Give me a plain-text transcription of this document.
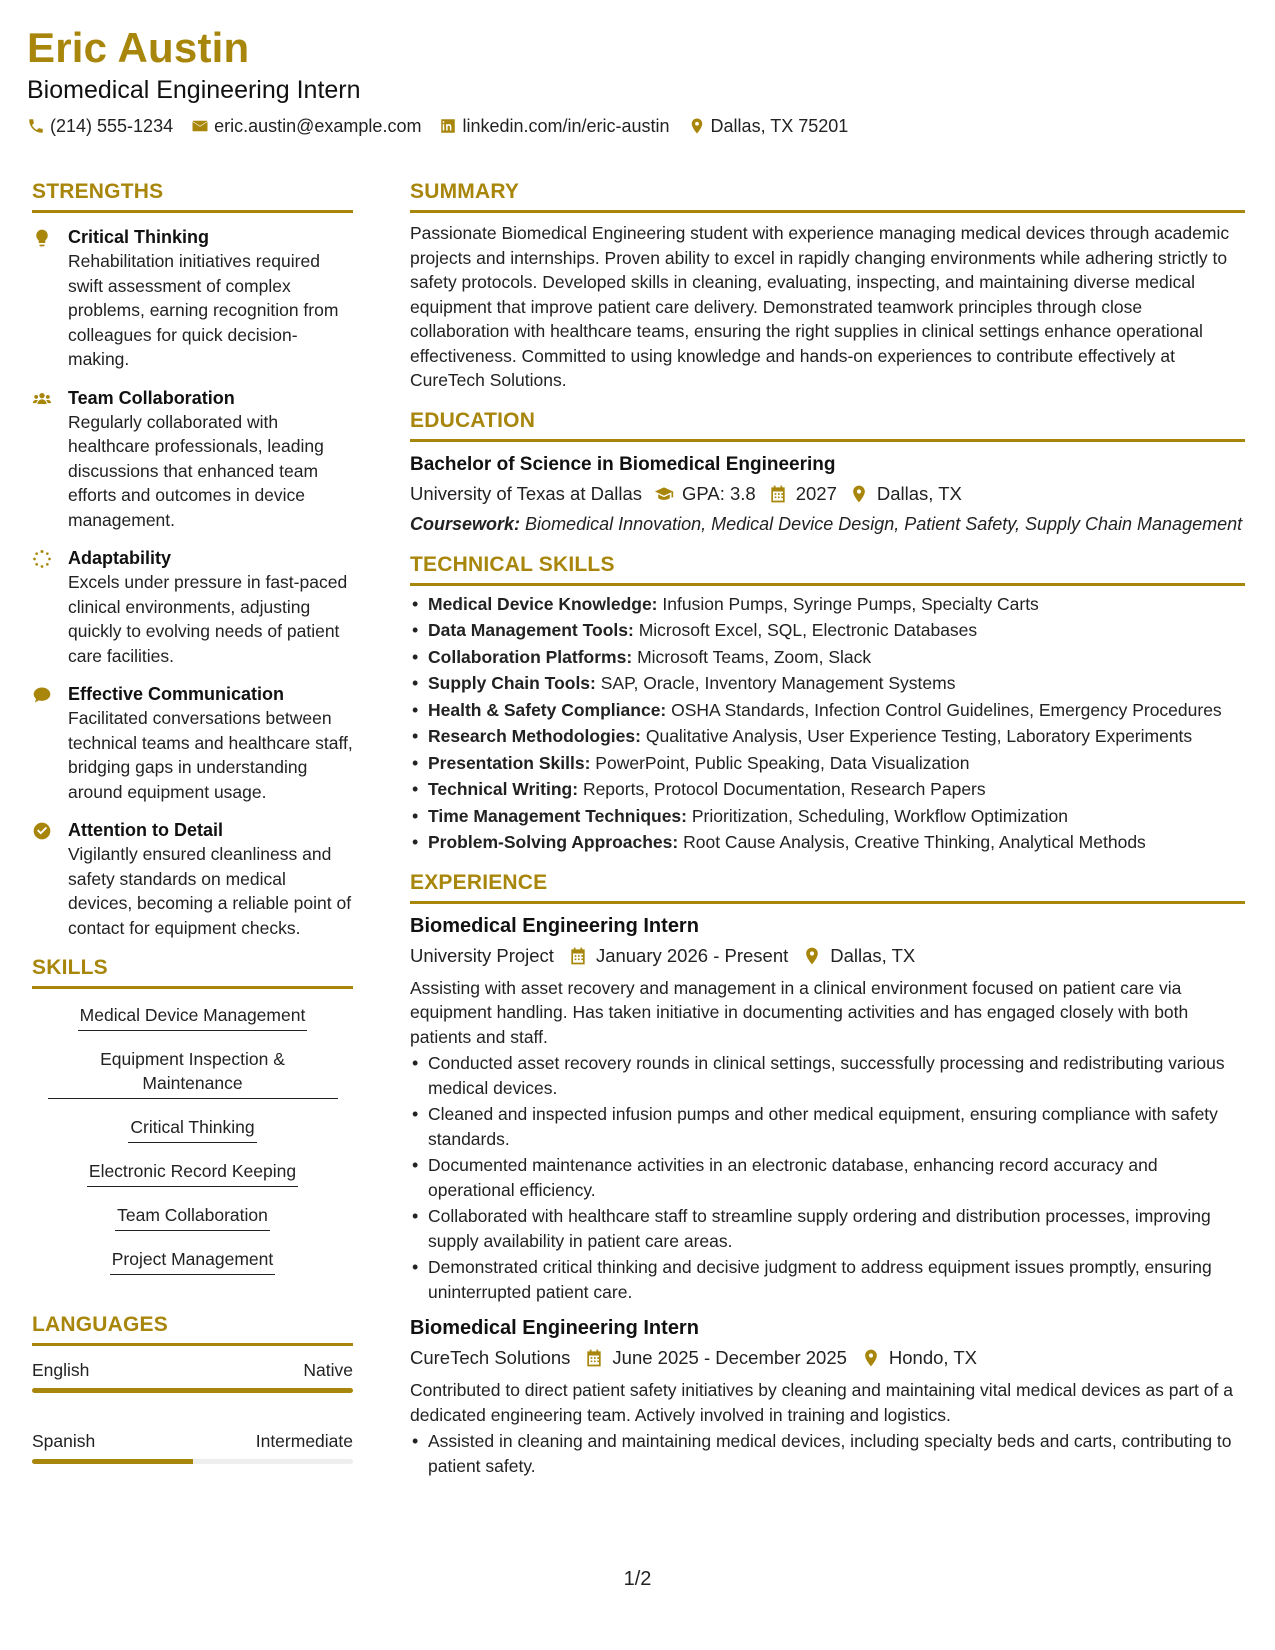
Eric Austin
Biomedical Engineering Intern
(214) 555-1234 eric.austin@example.com linkedin.com/in/eric-austin Dallas, TX 75201
STRENGTHS
Critical Thinking
Rehabilitation initiatives required swift assessment of complex problems, earning recognition from colleagues for quick decision-making.
Team Collaboration
Regularly collaborated with healthcare professionals, leading discussions that enhanced team efforts and outcomes in device management.
Adaptability
Excels under pressure in fast-paced clinical environments, adjusting quickly to evolving needs of patient care facilities.
Effective Communication
Facilitated conversations between technical teams and healthcare staff, bridging gaps in understanding around equipment usage.
Attention to Detail
Vigilantly ensured cleanliness and safety standards on medical devices, becoming a reliable point of contact for equipment checks.
SKILLS
Medical Device Management
Equipment Inspection & Maintenance
Critical Thinking
Electronic Record Keeping
Team Collaboration
Project Management
LANGUAGES
English	Native
Spanish	Intermediate
SUMMARY
Passionate Biomedical Engineering student with experience managing medical devices through academic projects and internships. Proven ability to excel in rapidly changing environments while adhering strictly to safety protocols. Developed skills in cleaning, evaluating, inspecting, and maintaining diverse medical equipment that improve patient care delivery. Demonstrated teamwork principles through close collaboration with healthcare teams, ensuring the right supplies in clinical settings enhance operational effectiveness. Committed to using knowledge and hands-on experiences to contribute effectively at CureTech Solutions.
EDUCATION
Bachelor of Science in Biomedical Engineering
University of Texas at Dallas GPA: 3.8 2027 Dallas, TX
Coursework: Biomedical Innovation, Medical Device Design, Patient Safety, Supply Chain Management
TECHNICAL SKILLS
• Medical Device Knowledge: Infusion Pumps, Syringe Pumps, Specialty Carts
• Data Management Tools: Microsoft Excel, SQL, Electronic Databases
• Collaboration Platforms: Microsoft Teams, Zoom, Slack
• Supply Chain Tools: SAP, Oracle, Inventory Management Systems
• Health & Safety Compliance: OSHA Standards, Infection Control Guidelines, Emergency Procedures
• Research Methodologies: Qualitative Analysis, User Experience Testing, Laboratory Experiments
• Presentation Skills: PowerPoint, Public Speaking, Data Visualization
• Technical Writing: Reports, Protocol Documentation, Research Papers
• Time Management Techniques: Prioritization, Scheduling, Workflow Optimization
• Problem-Solving Approaches: Root Cause Analysis, Creative Thinking, Analytical Methods
EXPERIENCE
Biomedical Engineering Intern
University Project January 2026 - Present Dallas, TX
Assisting with asset recovery and management in a clinical environment focused on patient care via equipment handling. Has taken initiative in documenting activities and has engaged closely with both patients and staff.
• Conducted asset recovery rounds in clinical settings, successfully processing and redistributing various medical devices.
• Cleaned and inspected infusion pumps and other medical equipment, ensuring compliance with safety standards.
• Documented maintenance activities in an electronic database, enhancing record accuracy and operational efficiency.
• Collaborated with healthcare staff to streamline supply ordering and distribution processes, improving supply availability in patient care areas.
• Demonstrated critical thinking and decisive judgment to address equipment issues promptly, ensuring uninterrupted patient care.
Biomedical Engineering Intern
CureTech Solutions June 2025 - December 2025 Hondo, TX
Contributed to direct patient safety initiatives by cleaning and maintaining vital medical devices as part of a dedicated engineering team. Actively involved in training and logistics.
• Assisted in cleaning and maintaining medical devices, including specialty beds and carts, contributing to patient safety.
1/2
